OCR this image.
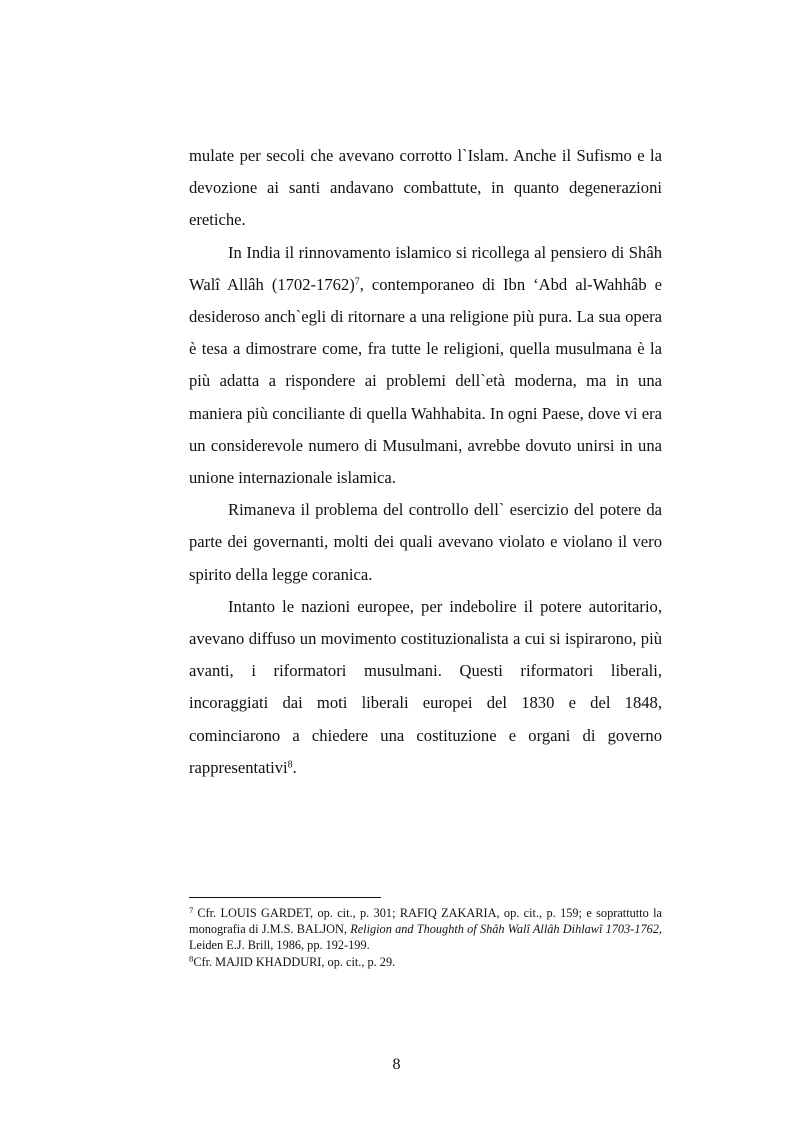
mulate per secoli che avevano corrotto l`Islam. Anche il Sufismo e la devozione ai santi andavano combattute, in quanto degenerazioni eretiche.

In India il rinnovamento islamico si ricollega al pensiero di Shâh Walî Allâh (1702-1762)$^7$, contemporaneo di Ibn ‘Abd al-Wahhâb e desideroso anch`egli di ritornare a una religione più pura. La sua opera è tesa a dimostrare come, fra tutte le religioni, quella musulmana è la più adatta a rispondere ai problemi dell`età moderna, ma in una maniera più conciliante di quella Wahhabita. In ogni Paese, dove vi era un considerevole numero di Musulmani, avrebbe dovuto unirsi in una unione internazionale islamica.

Rimaneva il problema del controllo dell` esercizio del potere da parte dei governanti, molti dei quali avevano violato e violano il vero spirito della legge coranica.

Intanto le nazioni europee, per indebolire il potere autoritario, avevano diffuso un movimento costituzionalista a cui si ispirarono, più avanti, i riformatori musulmani. Questi riformatori liberali, incoraggiati dai moti liberali europei del 1830 e del 1848, cominciarono a chiedere una costituzione e organi di governo rappresentativi$^8$.

$^7$ Cfr. LOUIS GARDET, op. cit., p. 301; RAFIQ ZAKARIA, op. cit., p. 159; e soprattutto la monografia di J.M.S. BALJON, Religion and Thoughth of Shâh Walî Allâh Dihlawî 1703-1762, Leiden E.J. Brill, 1986, pp. 192-199.

$^8$Cfr. MAJID KHADDURI, op. cit., p. 29.

8
